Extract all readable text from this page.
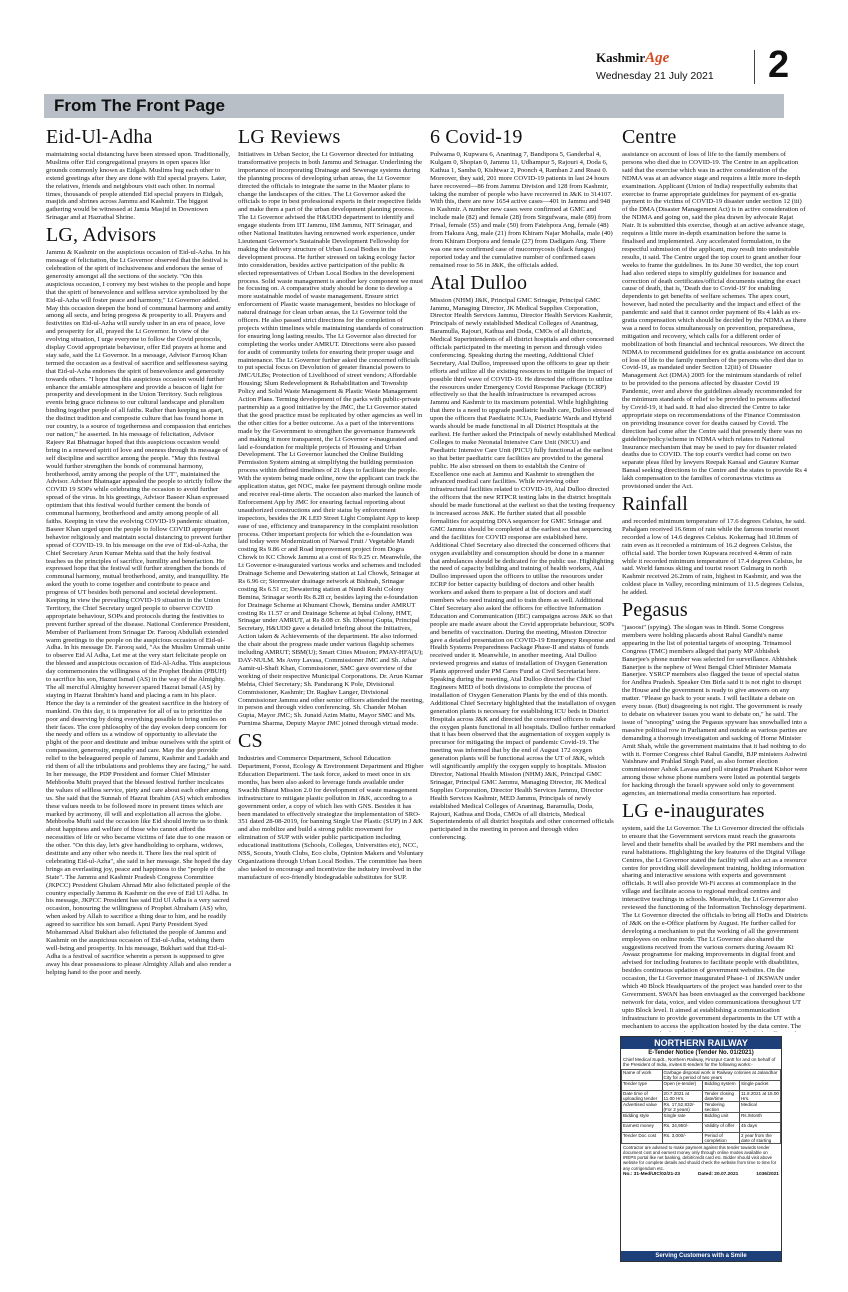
KashmirAge
Wednesday 21 July 2021 2
From The Front Page
Eid-Ul-Adha

maintaining social distancing have been stressed upon. Traditionally, Muslims offer Eid congregational prayers in open spaces like grounds commonly known as Eidgah. Muslims hug each other to extend greetings after they are done with Eid special prayers. Later, the relatives, friends and neighbours visit each other. In normal times, thousands of people attended Eid special prayers in Eidgah, masjids and shrines across Jammu and Kashmir. The biggest gathering would be witnessed at Jamia Masjid in Downtown Srinagar and at Hazratbal Shrine.

LG, Advisors

Jammu & Kashmir on the auspicious occasion of Eid-ul-Azha. In his message of felicitation, the Lt Governor observed that the festival is celebration of the spirit of inclusiveness and endorses the sense of generosity amongst all the sections of the society. "On this auspicious occasion, I convey my best wishes to the people and hope that the spirit of benevolence and selfless service symbolized by the Eid-ul-Azha will foster peace and harmony," Lt Governor added. May this occasion deepen the bond of communal harmony and amity among all sects, and bring progress & prosperity to all. Prayers and festivities on Eid-ul-Azha will surely usher in an era of peace, love and prosperity for all, prayed the Lt Governor. In view of the evolving situation, I urge everyone to follow the Covid protocols, display Covid appropriate behaviour, offer Eid prayers at home and stay safe, said the Lt Governor. In a message, Advisor Farooq Khan termed the occasion as a festival of sacrifice and selflessness saying that Eid-ul-Azha endorses the spirit of benevolence and generosity towards others. "I hope that this auspicious occasion would further enhance the amiable atmosphere and provide a beacon of light for prosperity and development in the Union Territory. Such religious events bring grace richness to our cultural landscape and pluralism binding together people of all faiths. Rather than keeping us apart, the distinct tradition and composite culture that has found home in our country, is a source of togetherness and compassion that enriches our nation," he asserted. In his message of felicitation, Advisor Rajeev Rai Bhatnagar hoped that this auspicious occasion would bring in a renewed spirit of love and oneness through its message of self discipline and sacrifice among the people. "May this festival would further strengthen the bonds of communal harmony, brotherhood, amity among the people of the UT", maintained the Advisor. Advisor Bhatnagar appealed the people to strictly follow the COVID 19 SOPs while celebrating the occasion to avoid further spread of the virus. In his greetings, Advisor Baseer Khan expressed optimism that this festival would further cement the bonds of communal harmony, brotherhood and amity among people of all faiths. Keeping in view the evolving COVID-19 pandemic situation, Baseer Khan urged upon the people to follow COVID appropriate behavior religiously and maintain social distancing to prevent further spread of COVID-19. In his message on the eve of Eid-ul-Azha, the Chief Secretary Arun Kumar Mehta said that the holy festival teaches us the principles of sacrifice, humility and benefaction. He expressed hope that the festival will further strengthen the bonds of communal harmony, mutual brotherhood, amity, and tranquillity. He asked the youth to come together and contribute to peace and progress of UT besides both personal and societal development. Keeping in view the prevailing COVID-19 situation in the Union Territory, the Chief Secretary urged people to observe COVID appropriate behaviour, SOPs and protocols during the festivities to prevent further spread of the disease. National Conference President, Member of Parliament from Srinagar Dr. Farooq Abdullah extended warm greetings to the people on the auspicious occasion of Eid-ul-Adha. In his message Dr. Farooq said, "As the Muslim Ummah unite to observe Eid Al Adha, Let me at the very start felicitate people on the blessed and auspicious occasion of Eid-Al-Adha. This auspicious day commemorates the willingness of the Prophet Ibrahim (PBUH) to sacrifice his son, Hazrat Ismail (AS) in the way of the Almighty. The all merciful Almighty however spared Hazrat Ismail (AS) by staying in Hazrat Ibrahim's hand and placing a ram in his place. Hence the day is a reminder of the greatest sacrifice in the history of mankind. On this day, it is imperative for all of us to prioritize the poor and deserving by doing everything possible to bring smiles on their faces. The core philosophy of the day evokes deep concern for the needy and offers us a window of opportunity to alleviate the plight of the poor and destitute and imbue ourselves with the spirit of compassion, generosity, empathy and care. May the day provide relief to the beleaguered people of Jammu, Kashmir and Ladakh and rid them of all the tribulations and problems they are facing," he said. In her message, the PDP President and former Chief Minister Mehbooba Mufti prayed that the blessed festival further inculcates the values of selfless service, piety and care about each other among us. She said that the Sunnah of Hazrat Ibrahim (AS) which embodies these values needs to be followed more in present times which are marked by acrimony, ill will and exploitation all across the globe. Mehbooba Mufti said the occasion like Eid should invite us to think about happiness and welfare of those who cannot afford the necessities of life or who became victims of fate due to one reason or the other. "On this day, let's give handholding to orphans, widows, destitute and any other who needs it. There lies the real spirit of celebrating Eid-ul-Azha", she said in her message. She hoped the day brings an everlasting joy, peace and happiness to the "people of the State". The Jammu and Kashmir Pradesh Congress Committee (JKPCC) President Ghulam Ahmad Mir also felicitated people of the country especially Jammu & Kashmir on the eve of Eid Ul Adha. In his message, JKPCC President has said Eid Ul Adha is a very sacred occasion, honouring the willingness of Prophet Abraham (AS) who, when asked by Allah to sacrifice a thing dear to him, and he readily agreed to sacrifice his son Ismail. Apni Party President Syed Mohammad Altaf Bukhari also felicitated the people of Jammu and Kashmir on the auspicious occasion of Eid-ul-Adha, wishing them well-being and prosperity. In his message, Bukhari said that Eid-ul-Adha is a festival of sacrifice wherein a person is supposed to give away his dear possessions to please Almighty Allah and also render a helping hand to the poor and needy.

LG Reviews

Initiatives in Urban Sector, the Lt Governor directed for initiating transformative projects in both Jammu and Srinagar. Underlining the importance of incorporating Drainage and Sewerage systems during the planning process of developing urban areas, the Lt Governor directed the officials to integrate the same in the Master plans to change the landscapes of the cities. The Lt Governor asked the officials to rope in best professional experts in their respective fields and make them a part of the urban development planning process. The Lt Governor advised the H&UDD department to identify and engage students from IIT Jammu, IIM Jammu, NIT Srinagar, and other National Institutes having renowned work experience, under Lieutenant Governor's Sustainable Development Fellowship for making the delivery structure of Urban Local Bodies in the development process. He further stressed on taking ecology factor into consideration, besides active participation of the public & elected representatives of Urban Local Bodies in the development process. Solid waste management is another key component we must be focusing on. A comparative study should be done to develop a more sustainable model of waste management. Ensure strict enforcement of Plastic waste management, besides no blockage of natural drainage for clean urban areas, the Lt Governor told the officers. He also passed strict directions for the completion of projects within timelines while maintaining standards of construction for ensuring long lasting results. The Lt Governor also directed for completing the works under AMRUT. Directions were also passed for audit of community toilets for ensuring their proper usage and maintenance. The Lt Governor further asked the concerned officials to put special focus on Devolution of greater financial powers to JMC/ULBs; Protection of Livelihood of street vendors; Affordable Housing; Slum Redevelopment & Rehabilitation and Township Policy and Solid Waste Management & Plastic Waste Management Action Plans. Terming development of the parks with public-private partnership as a good initiative by the JMC, the Lt Governor stated that the good practice must be replicated by other agencies as well in the other cities for a better outcome. As a part of the interventions made by the Government to strengthen the governance framework and making it more transparent, the Lt Governor e-inaugurated and laid e-foundation for multiple projects of Housing and Urban Development. The Lt Governor launched the Online Building Permission System aiming at simplifying the building permission process within defined timelines of 21 days to facilitate the people. With the system being made online, now the applicant can track the application status, get NOC, make fee payment through online mode and receive real-time alerts. The occasion also marked the launch of Enforcement App by JMC for ensuring factual reporting about unauthorized constructions and their status by enforcement inspectors, besides the JK LED Street Light Complaint App to keep ease of use, efficiency and transparency in the complaint resolution process. Other important projects for which the e-foundation was laid today were Modernization of Narwal Fruit / Vegetable Mandi costing Rs 9.86 cr and Road improvement project from Dogra Chowk to KC Chowk Jammu at a cost of Rs 9.25 cr. Meanwhile, the Lt Governor e-inaugurated various works and schemes and included Drainage Scheme and Dewatering station at Lal Chowk, Srinagar at Rs 6.96 cr; Stormwater drainage network at Bishnah, Srinagar costing Rs 6.51 cr; Dewatering station at Nundi Reshi Colony Bemina, Srinagar worth Rs 8.28 cr, besides laying the e-foundation for Drainage Scheme at Khumani Chowk, Bemina under AMRUT costing Rs 11.57 cr and Drainage Scheme at Iqbal Colony, HMT, Srinagar under AMRUT, at Rs 8.08 cr. Sh. Dheeraj Gupta, Principal Secretary, H&UDD gave a detailed briefing about the Initiatives, Action taken & Achievements of the department. He also informed the chair about the progress made under various flagship schemes including AMRUT; SBM(U); Smart Cities Mission; PMAY-HFA(U); DAY-NULM. Ms Avny Lavasa, Commissioner JMC and Sh. Athar Aamir-ul-Shafi Khan, Commissioner, SMC gave overview of the working of their respective Municipal Corporations. Dr. Arun Kumar Mehta, Chief Secretary; Sh. Pandurang K Pole, Divisional Commissioner, Kashmir; Dr. Raghav Langer, Divisional Commissioner Jammu and other senior officers attended the meeting, in person and through video conferencing. Sh. Chander Mohan Gupta, Mayor JMC; Sh. Junaid Azim Mattu, Mayor SMC and Ms. Purnima Sharma, Deputy Mayor JMC joined through virtual mode.

CS

Industries and Commerce Department, School Education Department, Forest, Ecology & Environment Department and Higher Education Department. The task force, asked to meet once in six months, has been also asked to leverage funds available under Swachh Bharat Mission 2.0 for development of waste management infrastructure to mitigate plastic pollution in J&K, according to a government order, a copy of which lies with GNS. Besides it has been mandated to effectively strategize the implementation of SRO-351 dated 28-08-2019, for banning Single Use Plastic (SUP) in J &K and also mobilize and build a strong public movement for elimination of SUP with wider public participation including educational institutions (Schools, Colleges, Universities etc), NCC, NSS, Scouts, Youth Clubs, Eco clubs, Opinion Makers and Voluntary Organizations through Urban Local Bodies. The committee has been also tasked to encourage and incentivize the industry involved in the manufacture of eco-friendly biodegradable substitutes for SUP.

6 Covid-19

Pulwama 0, Kupwara 6, Anantnag 7, Bandipora 5, Ganderbal 4, Kulgam 0, Shopian 0, Jammu 11, Udhampur 5, Rajouri 4, Doda 6, Kathua 1, Samba 0, Kishtwar 2, Poonch 4, Ramban 2 and Reasi 0. Moreover, they said, 201 more COVID-19 patients in last 24 hours have recovered—86 from Jammu Division and 128 from Kashmir, taking the number of people who have recovered in J&K to 314107. With this, there are now 1654 active cases—401 in Jammu and 948 in Kashmir. A number new cases were confirmed at GMC and include male (82) and female (28) from Sirgufwara, male (89) from Frisal, female (55) and male (50) from Fatehpora Ang, female (48) from Hakura Ang, male (21) from Khiram Najar Mohalla, male (40) from Khiram Dorpora and female (27) from Dadigam Ang. There was one new confirmed case of mucormycosis (black fungus) reported today and the cumulative number of confirmed cases remained rose to 56 in J&K, the officials added.

Atal Dulloo

Mission (NHM) J&K, Principal GMC Srinagar, Principal GMC Jammu, Managing Director, JK Medical Supplies Corporation, Director Health Services Jammu, Director Health Services Kashmir, Principals of newly established Medical Colleges of Anantnag, Baramulla, Rajouri, Kathua and Doda, CMOs of all districts, Medical Superintendents of all district hospitals and other concerned officials participated in the meeting in person and through video conferencing. Speaking during the meeting, Additional Chief Secretary, Atal Dulloo, impressed upon the officers to gear up their efforts and utilize all the existing resources to mitigate the impact of possible third wave of COVID-19. He directed the officers to utilize the resources under Emergency Covid Response Package (ECRP) effectively so that the health infrastructure is revamped across Jammu and Kashmir to its maximum potential. While highlighting that there is a need to upgrade paediatric health care, Dulloo stressed upon the officers that Paediatric ICUs, Paediatric Wards and Hybrid wards should be made functional in all District Hospitals at the earliest. He further asked the Principals of newly established Medical Colleges to make Neonatal Intensive Care Unit (NICU) and Paediatric Intensive Care Unit (PICU) fully functional at the earliest so that better paediatric care facilities are provided to the general public. He also stressed on them to establish the Centre of Excellence one each at Jammu and Kashmir to strengthen the advanced medical care facilities. While reviewing other infrastructural facilities related to COVID-19, Atal Dulloo directed the officers that the new RTPCR testing labs in the district hospitals should be made functional at the earliest so that the testing frequency is increased across J&K. He further stated that all possible formalities for acquiring DNA sequencer for GMC Srinagar and GMC Jammu should be completed at the earliest so that sequencing and the facilities for COVID response are established here. Additional Chief Secretary also directed the concerned officers that oxygen availability and consumption should be done in a manner that ambulances should be dedicated for the public use. Highlighting the need of capacity building and training of health workers, Atal Dulloo impressed upon the officers to utilise the resources under ECRP for better capacity building of doctors and other health workers and asked them to prepare a list of doctors and staff members who need training and to train them as well. Additional Chief Secretary also asked the officers for effective Information Education and Communication (IEC) campaigns across J&K so that people are made aware about the Covid appropriate behaviour, SOPs and benefits of vaccination. During the meeting, Mission Director gave a detailed presentation on COVID-19 Emergency Response and Health Systems Preparedness Package Phase-II and status of funds received under it. Meanwhile, in another meeting, Atal Dulloo reviewed progress and status of installation of Oxygen Generation Plants approved under PM Cares Fund at Civil Secretariat here. Speaking during the meeting, Atal Dulloo directed the Chief Engineers MED of both divisions to complete the process of installation of Oxygen Generation Plants by the end of this month. Additional Chief Secretary highlighted that the installation of oxygen generation plants is necessary for establishing ICU beds in District Hospitals across J&K and directed the concerned officers to make the oxygen plants functional in all hospitals. Dulloo further remarked that it has been observed that the augmentation of oxygen supply is precursor for mitigating the impact of pandemic Covid-19. The meeting was informed that by the end of August 172 oxygen generation plants will be functional across the UT of J&K, which will significantly amplify the oxygen supply to hospitals. Mission Director, National Health Mission (NHM) J&K, Principal GMC Srinagar, Principal GMC Jammu, Managing Director, JK Medical Supplies Corporation, Director Health Services Jammu, Director Health Services Kashmir, MED Jammu, Principals of newly established Medical Colleges of Anantnag, Baramulla, Doda, Rajouri, Kathua and Doda, CMOs of all districts, Medical Superintendents of all district hospitals and other concerned officials participated in the meeting in person and through video conferencing.

Centre

assistance on account of loss of life to the family members of persons who died due to COVID-19. The Centre in an application said that the exercise which was in active consideration of the NDMA was at an advance stage and requires a little more in-depth examination. Applicant (Union of India) respectfully submits that exercise to frame appropriate guidelines for payment of ex-gratia payment to the victims of COVID-19 disaster under section 12 (iii) of the DMA (Disaster Management Act) is in active consideration of the NDMA and going on, said the plea drawn by advocate Rajat Nair. It is submitted this exercise, though at an active advance stage, requires a little more in-depth examination before the same is finalised and implemented. Any accelerated formulation, in the respectful submission of the applicant, may result into undesirable results, it said. The Centre urged the top court to grant another four weeks to frame the guidelines. In its June 30 verdict, the top court had also ordered steps to simplify guidelines for issuance and correction of death certificates/official documents stating the exact cause of death, that is, 'Death due to Covid-19' for enabling dependents to get benefits of welfare schemes. The apex court, however, had noted the peculiarity and the impact and effect of the pandemic and said that it cannot order payment of Rs 4 lakh as ex-gratia compensation which should be decided by the NDMA as there was a need to focus simultaneously on prevention, preparedness, mitigation and recovery, which calls for a different order of mobilization of both financial and technical resources. We direct the NDMA to recommend guidelines for ex gratia assistance on account of loss of life to the family members of the persons who died due to Covid-19, as mandated under Section 12(iii) of Disaster Management Act (DMA) 2005 for the minimum standards of relief to be provided to the persons affected by disaster Covid 19 Pandemic, over and above the guidelines already recommended for the minimum standards of relief to be provided to persons affected by Covid-19, it had said. It had also directed the Centre to take appropriate steps on recommendations of the Finance Commission on providing insurance cover for deaths caused by Covid. The direction had come after the Centre said that presently there was no guideline/policy/scheme in NDMA which relates to National Insurance mechanism that may be used to pay for disaster related deaths due to COVID. The top court's verdict had come on two separate pleas filed by lawyers Reepak Kansal and Gaurav Kumar Bansal seeking directions to the Centre and the states to provide Rs 4 lakh compensation to the families of coronavirus victims as provisioned under the Act.

Rainfall

and recorded minimum temperature of 17.6 degrees Celsius, he said. Pahalgam received 16.6mm of rain while the famous tourist resort recorded a low of 14.6 degrees Celsius. Kokernag had 10.8mm of rain even as it recorded a minimum of 16.2 degrees Celsius, the official said. The border town Kupwara received 4.4mm of rain while it recorded minimum temperature of 17.4 degrees Celsius, he said. World famous skiing and tourist resort Gulmarg in north Kashmir received 26.2mm of rain, highest in Kashmir, and was the coldest place in Valley, recording minimum of 11.5 degrees Celsius, he added.

Pegasus

"jasoosi" (spying). The slogan was in Hindi. Some Congress members were holding placards about Rahul Gandhi's name appearing in the list of potential targets of snooping. Trinamool Congress (TMC) members alleged that party MP Abhishek Banerjee's phone number was selected for surveillance. Abhishek Banerjee is the nephew of West Bengal Chief Minister Mamata Banerjee. YSRCP members also flagged the issue of special status for Andhra Pradesh. Speaker Om Birla said it is not right to disrupt the House and the government is ready to give answers on any matter. "Please go back to your seats. I will facilitate a debate on every issue. (But) disagreeing is not right. The government is ready to debate on whatever issues you want to debate on," he said. The issue of "snooping" using the Pegasus spyware has snowballed into a massive political row in Parliament and outside as various parties are demanding a thorough investigation and sacking of Home Minister Amit Shah, while the government maintains that it had nothing to do with it. Former Congress chief Rahul Gandhi, BJP ministers Ashwini Vaishnaw and Prahlad Singh Patel, as also former election commissioner Ashok Lavasa and poll strategist Prashant Kishor were among those whose phone numbers were listed as potential targets for hacking through the Israeli spyware sold only to government agencies, an international media consortium has reported.

LG e-inaugurates

system, said the Lt Governor. The Lt Governor directed the officials to ensure that the Government services must reach the grassroots level and their benefits shall be availed by the PRI members and the rural habitations. Highlighting the key features of the Digital Village Centres, the Lt Governor stated the facility will also act as a resource centre for providing skill development training, holding information sharing and interactive sessions with experts and government officials. It will also provide Wi-Fi access at commonplace in the village and facilitate access to regional medical centres and interactive teachings in schools. Meanwhile, the Lt Governor also reviewed the functioning of the Information Technology department. The Lt Governor directed the officials to bring all HoDs and Districts of J&K on the e-Office platform by August. He further called for developing a mechanism to put the working of all the government employees on online mode. The Lt Governor also shared the suggestions received from the various corners during Awaam Ki Awaaz programme for making improvements in digital front and advised for including features to facilitate people with disabilities, besides continuous updation of government websites. On the occasion, the Lt Governor inaugurated Phase-1 of JKSWAN under which 40 Block Headquarters of the project was handed over to the Government. SWAN has been envisaged as the converged backbone network for data, voice, and video communications throughout UT upto Block level. It aimed at establishing a communication infrastructure to provide government departments in the UT with a mechanism to access the application hosted by the data centre. The

NORTHERN RAILWAY
E-Tender Notice (Tender No. 01/2021)
Chief Medical Supdt., Northern Railway, Firozpur Cantt for and on behalf of the President of India, invites E-tenders for the following works:-
Name of work	Garbage disposal work in Railway colonies at Jalandhar City for a period of two years		
Tender type	Open (e-tender)	Bidding system	Single packet
Date time of uploading tender	20.7.2021 at 11.00 Hrs.	Tender closing date/time	11.8.2021 at 15.00 Hrs.
Advertised value	Rs. 17,52,832/- (For 2 years)	Tendering section	Medical
Bidding style	Single rate	Bidding unit	Rs./Month
Earnest money	Rs. 34,950/-	Validity of offer	45 days
Tender Doc cost	Rs. 3,000/-	Period of completion	2 year from the date of starting
Contractor are advised to make payment against this tender towards tender document cost and earnest money only through online modes available on IREPS portal like net banking, debit/credit card etc. Bidder should visit above website for complete details and should check the website from time to time for any corrigendum etc.
No.: 31-Med/UIC/02/21-23	Dated: 20.07.2021	1036/2021
Serving Customers with a Smile
